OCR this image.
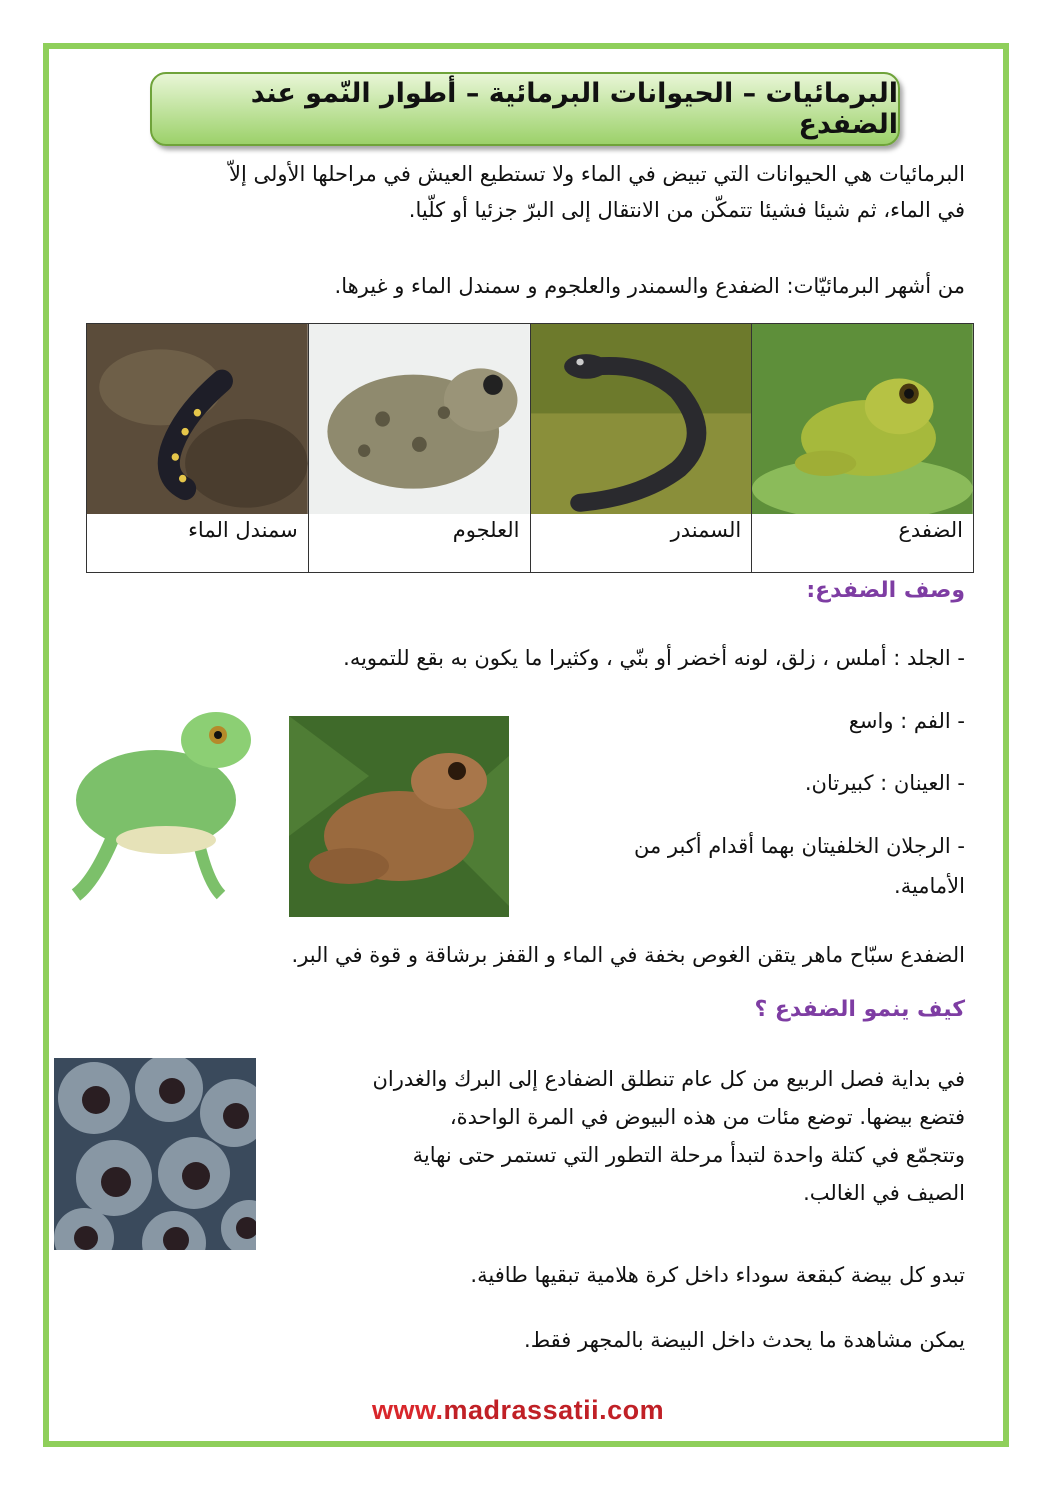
البرمائيات – الحيوانات البرمائية – أطوار النّمو عند الضفدع
البرمائيات هي الحيوانات التي تبيض في الماء ولا تستطيع العيش في مراحلها الأولى إلاّ
في الماء، ثم شيئا فشيئا تتمكّن من الانتقال إلى البرّ جزئيا أو كلّيا.
من أشهر البرمائيّات: الضفدع والسمندر والعلجوم و سمندل الماء و غيرها.
الضفدع

السمندر

العلجوم

سمندل الماء
وصف الضفدع:
- الجلد : أملس ، زلق، لونه أخضر أو بنّي ، وكثيرا ما يكون به بقع للتمويه.
- الفم : واسع
- العينان : كبيرتان.
- الرجلان الخلفيتان بهما أقدام أكبر من
الأمامية.
الضفدع سبّاح ماهر يتقن الغوص بخفة في الماء و القفز برشاقة و قوة في البر.
كيف ينمو الضفدع ؟
في بداية فصل الربيع من كل عام تنطلق الضفادع إلى البرك والغدران
فتضع بيضها. توضع مئات من هذه البيوض في المرة الواحدة،
وتتجمّع في كتلة واحدة لتبدأ مرحلة التطور التي تستمر حتى نهاية
الصيف في الغالب.
تبدو كل بيضة كبقعة سوداء داخل كرة هلامية تبقيها طافية.
يمكن مشاهدة ما يحدث داخل البيضة بالمجهر فقط.
www.madrassatii.com
